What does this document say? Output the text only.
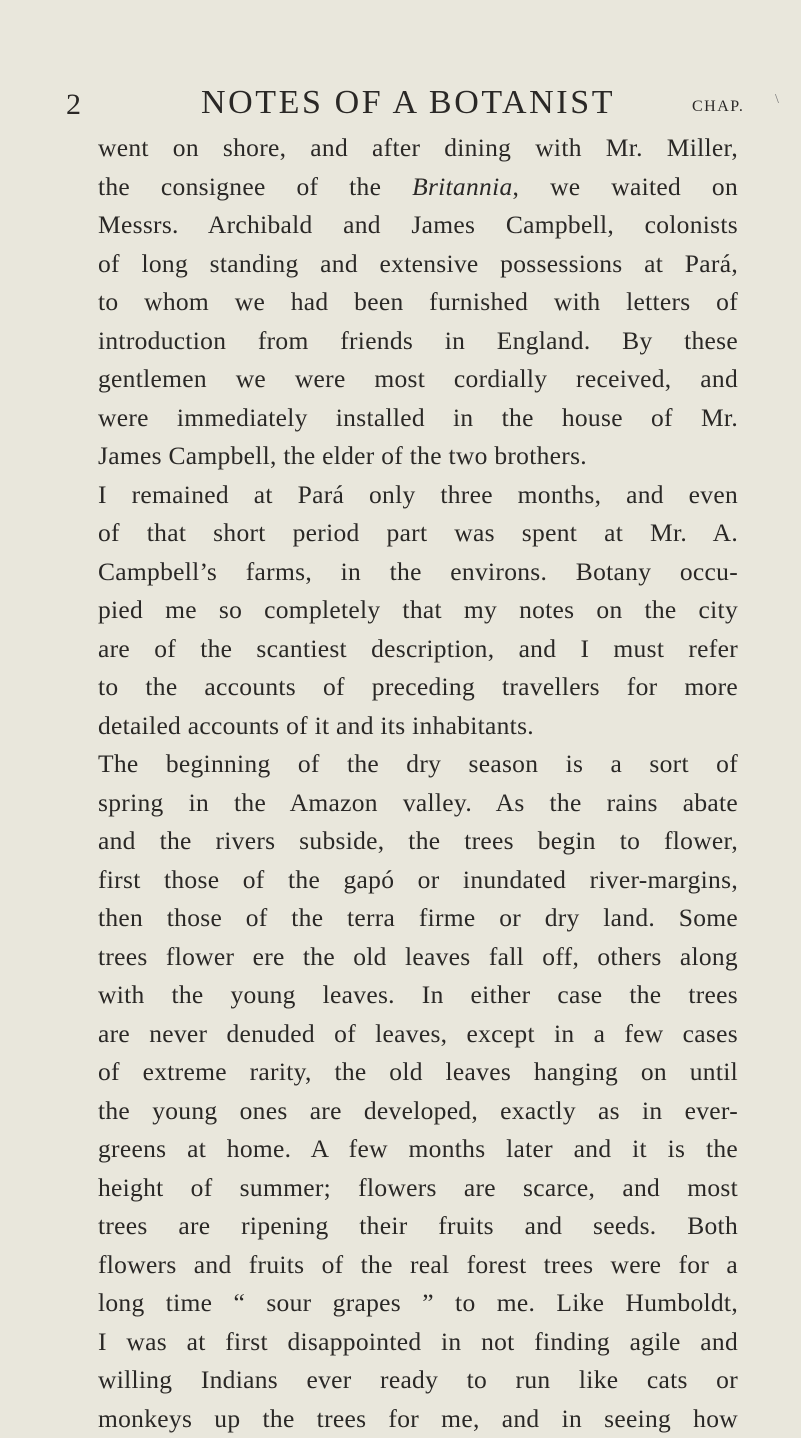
2	NOTES OF A BOTANIST	CHAP. \
went on shore, and after dining with Mr. Miller,
the consignee of the Britannia, we waited on
Messrs. Archibald and James Campbell, colonists
of long standing and extensive possessions at Pará,
to whom we had been furnished with letters of
introduction from friends in England. By these
gentlemen we were most cordially received, and
were immediately installed in the house of Mr.
James Campbell, the elder of the two brothers.
I remained at Pará only three months, and even
of that short period part was spent at Mr. A.
Campbell’s farms, in the environs. Botany occu-
pied me so completely that my notes on the city
are of the scantiest description, and I must refer
to the accounts of preceding travellers for more
detailed accounts of it and its inhabitants.
The beginning of the dry season is a sort of
spring in the Amazon valley. As the rains abate
and the rivers subside, the trees begin to flower,
first those of the gapó or inundated river-margins,
then those of the terra firme or dry land. Some
trees flower ere the old leaves fall off, others along
with the young leaves. In either case the trees
are never denuded of leaves, except in a few cases
of extreme rarity, the old leaves hanging on until
the young ones are developed, exactly as in ever-
greens at home. A few months later and it is the
height of summer; flowers are scarce, and most
trees are ripening their fruits and seeds. Both
flowers and fruits of the real forest trees were for a
long time “ sour grapes ” to me. Like Humboldt,
I was at first disappointed in not finding agile and
willing Indians ever ready to run like cats or
monkeys up the trees for me, and in seeing how
